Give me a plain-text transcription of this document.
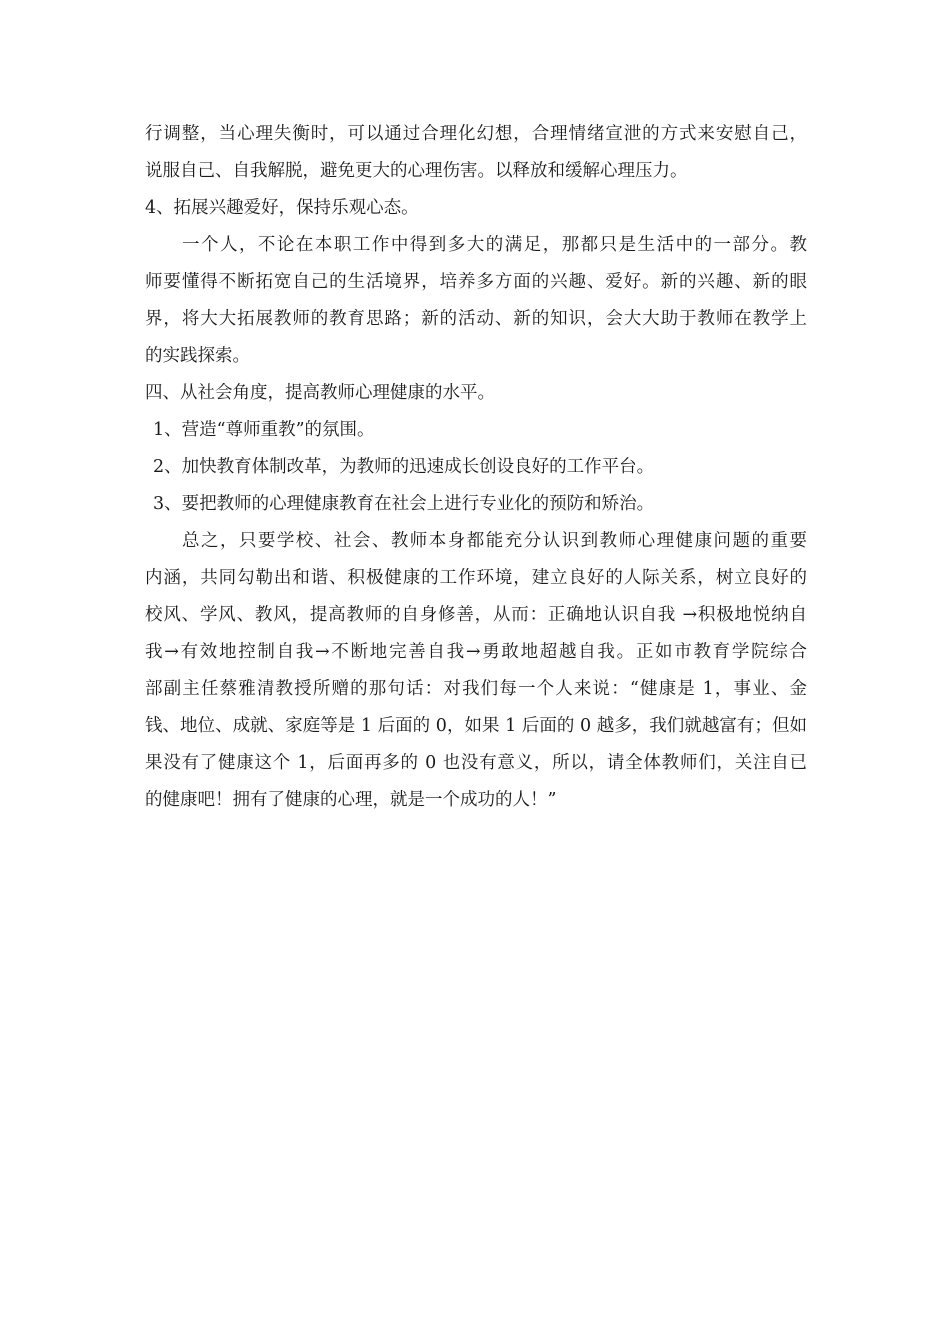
行调整，当心理失衡时，可以通过合理化幻想，合理情绪宣泄的方式来安慰自己，
说服自己、自我解脱，避免更大的心理伤害。以释放和缓解心理压力。
4、拓展兴趣爱好，保持乐观心态。
一个人，不论在本职工作中得到多大的满足，那都只是生活中的一部分。教
师要懂得不断拓宽自己的生活境界，培养多方面的兴趣、爱好。新的兴趣、新的眼
界，将大大拓展教师的教育思路；新的活动、新的知识，会大大助于教师在教学上
的实践探索。
四、从社会角度，提高教师心理健康的水平。
1、营造“尊师重教”的氛围。
2、加快教育体制改革，为教师的迅速成长创设良好的工作平台。
3、要把教师的心理健康教育在社会上进行专业化的预防和矫治。
总之，只要学校、社会、教师本身都能充分认识到教师心理健康问题的重要
内涵，共同勾勒出和谐、积极健康的工作环境，建立良好的人际关系，树立良好的
校风、学风、教风，提高教师的自身修善，从而：正确地认识自我 →积极地悦纳自
我→有效地控制自我→不断地完善自我→勇敢地超越自我。正如市教育学院综合
部副主任蔡雅清教授所赠的那句话：对我们每一个人来说：“健康是 1，事业、金
钱、地位、成就、家庭等是 1 后面的 0，如果 1 后面的 0 越多，我们就越富有；但如
果没有了健康这个 1，后面再多的 0 也没有意义，所以，请全体教师们，关注自已
的健康吧！拥有了健康的心理，就是一个成功的人！”
